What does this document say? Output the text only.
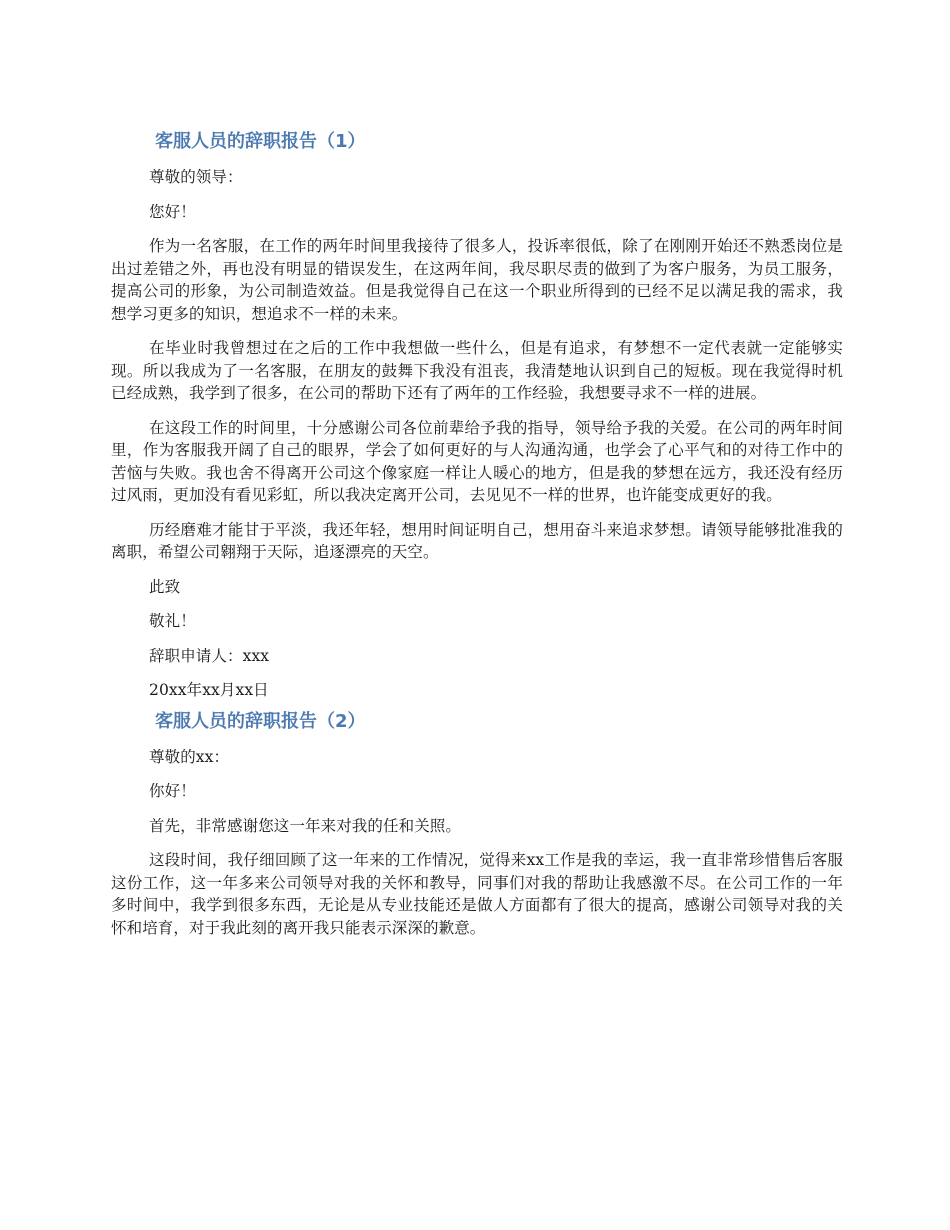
客服人员的辞职报告（1）

尊敬的领导：

您好！

作为一名客服，在工作的两年时间里我接待了很多人，投诉率很低，除了在刚刚开始还不熟悉岗位是出过差错之外，再也没有明显的错误发生，在这两年间，我尽职尽责的做到了为客户服务，为员工服务，提高公司的形象，为公司制造效益。但是我觉得自己在这一个职业所得到的已经不足以满足我的需求，我想学习更多的知识，想追求不一样的未来。

在毕业时我曾想过在之后的工作中我想做一些什么，但是有追求，有梦想不一定代表就一定能够实现。所以我成为了一名客服，在朋友的鼓舞下我没有沮丧，我清楚地认识到自己的短板。现在我觉得时机已经成熟，我学到了很多，在公司的帮助下还有了两年的工作经验，我想要寻求不一样的进展。

在这段工作的时间里，十分感谢公司各位前辈给予我的指导，领导给予我的关爱。在公司的两年时间里，作为客服我开阔了自己的眼界，学会了如何更好的与人沟通沟通，也学会了心平气和的对待工作中的苦恼与失败。我也舍不得离开公司这个像家庭一样让人暖心的地方，但是我的梦想在远方，我还没有经历过风雨，更加没有看见彩虹，所以我决定离开公司，去见见不一样的世界，也许能变成更好的我。

历经磨难才能甘于平淡，我还年轻，想用时间证明自己，想用奋斗来追求梦想。请领导能够批准我的离职，希望公司翱翔于天际，追逐漂亮的天空。

此致

敬礼！

辞职申请人：xxx

20xx年xx月xx日

客服人员的辞职报告（2）

尊敬的xx：

你好！

首先，非常感谢您这一年来对我的任和关照。

这段时间，我仔细回顾了这一年来的工作情况，觉得来xx工作是我的幸运，我一直非常珍惜售后客服这份工作，这一年多来公司领导对我的关怀和教导，同事们对我的帮助让我感激不尽。在公司工作的一年多时间中，我学到很多东西，无论是从专业技能还是做人方面都有了很大的提高，感谢公司领导对我的关怀和培育，对于我此刻的离开我只能表示深深的歉意。
